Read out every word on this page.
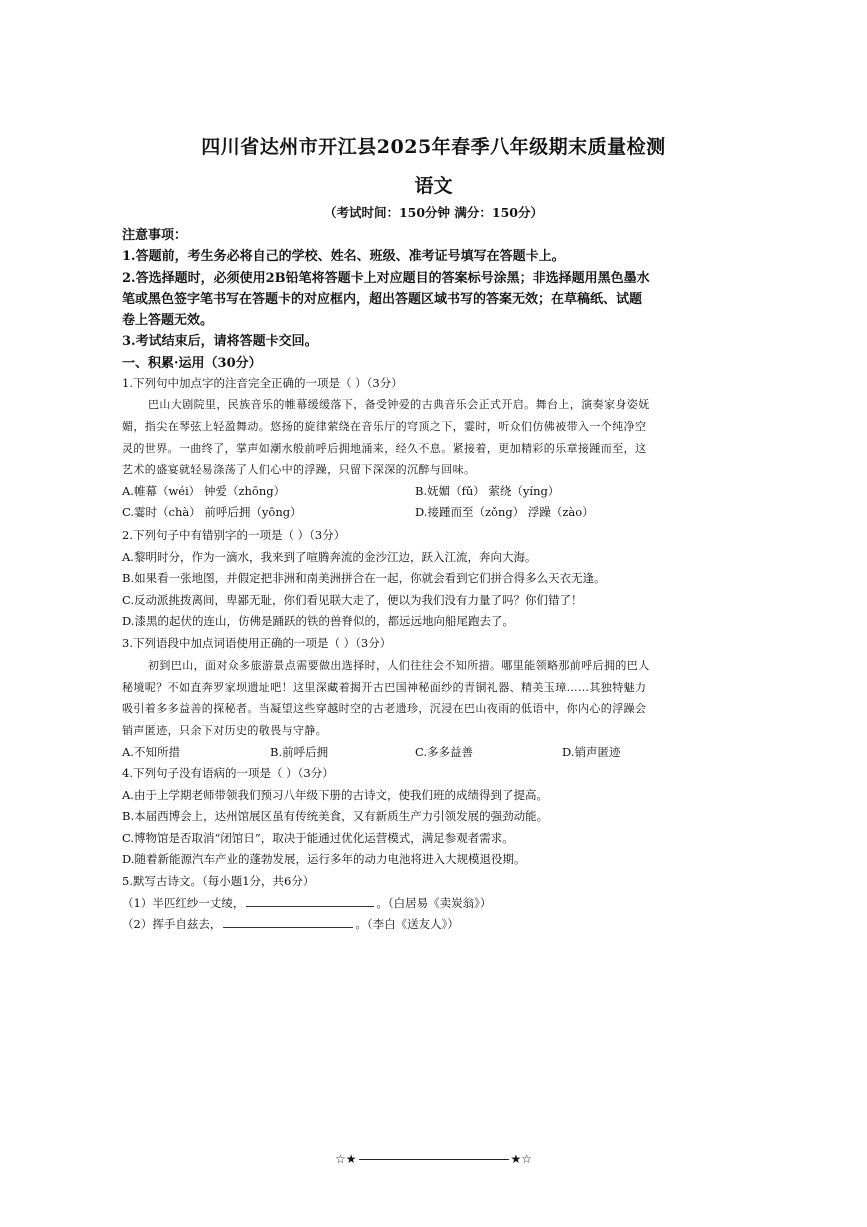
四川省达州市开江县2025年春季八年级期末质量检测
语文
（考试时间：150分钟 满分：150分）
注意事项：
1.答题前，考生务必将自己的学校、姓名、班级、准考证号填写在答题卡上。
2.答选择题时，必须使用2B铅笔将答题卡上对应题目的答案标号涂黑；非选择题用黑色墨水
笔或黑色签字笔书写在答题卡的对应框内，超出答题区域书写的答案无效；在草稿纸、试题
卷上答题无效。
3.考试结束后，请将答题卡交回。
一、积累·运用（30分）
1.下列句中加点字的注音完全正确的一项是（ ）（3分）
巴山大剧院里，民族音乐的帷幕缓缓落下，备受钟爱的古典音乐会正式开启。舞台上，演奏家身姿妩
媚，指尖在琴弦上轻盈舞动。悠扬的旋律萦绕在音乐厅的穹顶之下，霎时，听众们仿佛被带入一个纯净空
灵的世界。一曲终了，掌声如潮水般前呼后拥地涌来，经久不息。紧接着，更加精彩的乐章接踵而至，这
艺术的盛宴就轻易涤荡了人们心中的浮躁，只留下深深的沉醉与回味。
A.帷幕（wéi） 钟爱（zhōng）	B.妩媚（fǔ） 萦绕（yíng）
C.霎时（chà） 前呼后拥（yōng）	D.接踵而至（zǒng） 浮躁（zào）
2.下列句子中有错别字的一项是（ ）（3分）
A.黎明时分，作为一滴水，我来到了喧腾奔流的金沙江边，跃入江流，奔向大海。
B.如果看一张地图，并假定把非洲和南美洲拼合在一起，你就会看到它们拼合得多么天衣无逢。
C.反动派挑拨离间，卑鄙无耻，你们看见联大走了，便以为我们没有力量了吗？你们错了！
D.漆黑的起伏的连山，仿佛是踊跃的铁的兽脊似的，都远远地向船尾跑去了。
3.下列语段中加点词语使用正确的一项是（ ）（3分）
初到巴山，面对众多旅游景点需要做出选择时，人们往往会不知所措。哪里能领略那前呼后拥的巴人
秘境呢？不如直奔罗家坝遗址吧！这里深藏着揭开古巴国神秘面纱的青铜礼器、精美玉璋……其独特魅力
吸引着多多益善的探秘者。当凝望这些穿越时空的古老遗珍，沉浸在巴山夜雨的低语中，你内心的浮躁会
销声匿迹，只余下对历史的敬畏与守静。
A.不知所措	B.前呼后拥	C.多多益善	D.销声匿迹
4.下列句子没有语病的一项是（ ）（3分）
A.由于上学期老师带领我们预习八年级下册的古诗文，使我们班的成绩得到了提高。
B.本届西博会上，达州馆展区虽有传统美食，又有新质生产力引领发展的强劲动能。
C.博物馆是否取消“闭馆日”，取决于能通过优化运营模式，满足参观者需求。
D.随着新能源汽车产业的蓬勃发展，运行多年的动力电池将进入大规模退役期。
5.默写古诗文。（每小题1分，共6分）
（1）半匹红纱一丈绫，	。（白居易《卖炭翁》）
（2）挥手自兹去，	。（李白《送友人》）
☆★	★☆
